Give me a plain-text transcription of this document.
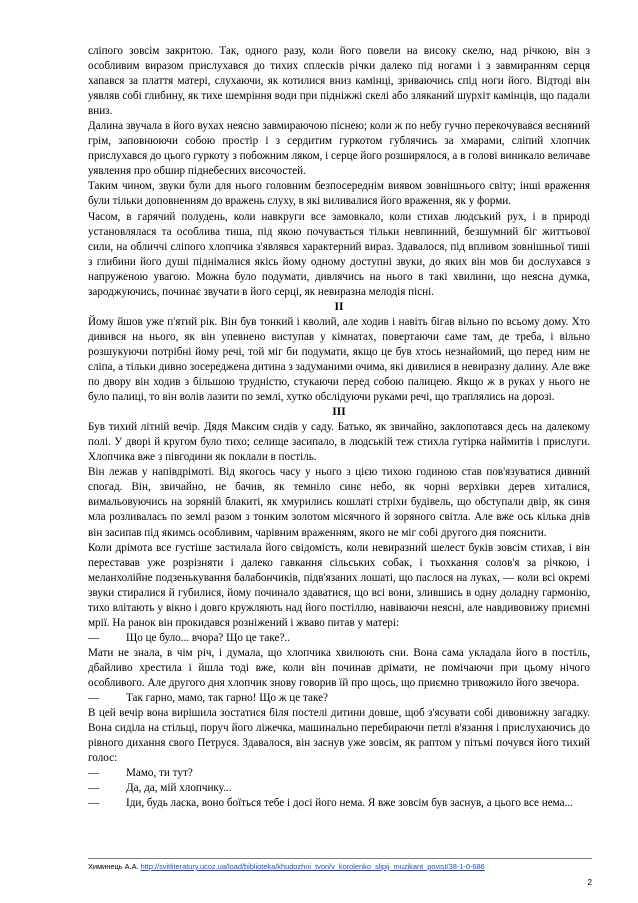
сліпого зовсім закритою. Так, одного разу, коли його повели на високу скелю, над річкою, він з особливим виразом прислухався до тихих сплесків річки далеко під ногами і з завмиранням серця хапався за плаття матері, слухаючи, як котилися вниз камінці, зриваючись спід ноги його. Відтоді він уявляв собі глибину, як тихе шемріння води при підніжжі скелі або зляканий шурхіт камінців, що падали вниз.

Далина звучала в його вухах неясно завмираючою піснею; коли ж по небу гучно перекочувався весняний грім, заповнюючи собою простір і з сердитим гуркотом гублячись за хмарами, сліпий хлопчик прислухався до цього гуркоту з побожним ляком, і серце його розширялося, а в голові виникало величаве уявлення про обшир піднебесних височостей.

Таким чином, звуки були для нього головним безпосереднім виявом зовнішнього світу; інші враження були тільки доповненням до вражень слуху, в які виливалися його враження, як у форми.

Часом, в гарячий полудень, коли навкруги все замовкало, коли стихав людський рух, і в природі установлялася та особлива тиша, під якою почувається тільки невпинний, безшумний біг життьової сили, на обличчі сліпого хлопчика з'являвся характерний вираз. Здавалося, під впливом зовнішньої тиші з глибини його душі піднімалися якісь йому одному доступні звуки, до яких він мов би дослухався з напруженою увагою. Можна було подумати, дивлячись на нього в такі хвилини, що неясна думка, зароджуючись, починає звучати в його серці, як невиразна мелодія пісні.

II

Йому йшов уже п'ятий рік. Він був тонкий і кволий, але ходив і навіть бігав вільно по всьому дому. Хто дивився на нього, як він упевнено виступав у кімнатах, повертаючи саме там, де треба, і вільно розшукуючи потрібні йому речі, той міг би подумати, якщо це був хтось незнайомий, що перед ним не сліпа, а тільки дивно зосереджена дитина з задуманими очима, які дивилися в невиразну далину. Але вже по двору він ходив з більшою трудністю, стукаючи перед собою палицею. Якщо ж в руках у нього не було палиці, то він волів лазити по землі, хутко обслідуючи руками речі, що траплялись на дорозі.

III

Був тихий літній вечір. Дядя Максим сидів у саду. Батько, як звичайно, заклопотався десь на далекому полі. У дворі й кругом було тихо; селище засипало, в людській теж стихла гутірка наймитів і прислуги. Хлопчика вже з півгодини як поклали в постіль.

Він лежав у напівдрімоті. Від якогось часу у нього з цією тихою годиною став пов'язуватися дивний спогад. Він, звичайно, не бачив, як темніло синє небо, як чорні верхівки дерев хиталися, вимальовуючись на зоряній блакиті, як хмурились кошлаті стріхи будівель, що обступали двір, як синя мла розливалась по землі разом з тонким золотом місячного й зоряного світла. Але вже ось кілька днів він засипав під якимсь особливим, чарівним враженням, якого не міг собі другого дня пояснити.

Коли дрімота все густіше застилала його свідомість, коли невиразний шелест буків зовсім стихав, і він переставав уже розрізняти і далеко гавкання сільських собак, і тьохкання солов'я за річкою, і меланхолійне подзенькування балабончиків, підв'язаних лошаті, що паслося на луках, — коли всі окремі звуки стиралися й губилися, йому починало здаватися, що всі вони, злившись в одну доладну гармонію, тихо влітають у вікно і довго кружляють над його постіллю, навіваючи неясні, але навдивовижу приємні мрії. На ранок він прокидався розніжений і жваво питав у матері:

—	Що це було... вчора? Що це таке?..

Мати не знала, в чім річ, і думала, що хлопчика хвилюють сни. Вона сама укладала його в постіль, дбайливо хрестила і йшла тоді вже, коли він починав дрімати, не помічаючи при цьому нічого особливого. Але другого дня хлопчик знову говорив їй про щось, що приємно тривожило його звечора.

—	Так гарно, мамо, так гарно! Що ж це таке?

В цей вечір вона вирішила зостатися біля постелі дитини довше, щоб з'ясувати собі дивовижну загадку. Вона сиділа на стільці, поруч його ліжечка, машинально перебираючи петлі в'язання і прислухаючись до рівного дихання свого Петруся. Здавалося, він заснув уже зовсім, як раптом у пітьмі почувся його тихий голос:

—	Мамо, ти тут?
—	Да, да, мій хлопчику...
—	Іди, будь ласка, воно боїться тебе і досі його нема. Я вже зовсім був заснув, а цього все нема...
Химинець А.А. http://svitliteratury.ucoz.ua/load/biblioteka/khudozhni_tvori/v_korolenko_slipij_muzikant_povist/38-1-0-686
2
